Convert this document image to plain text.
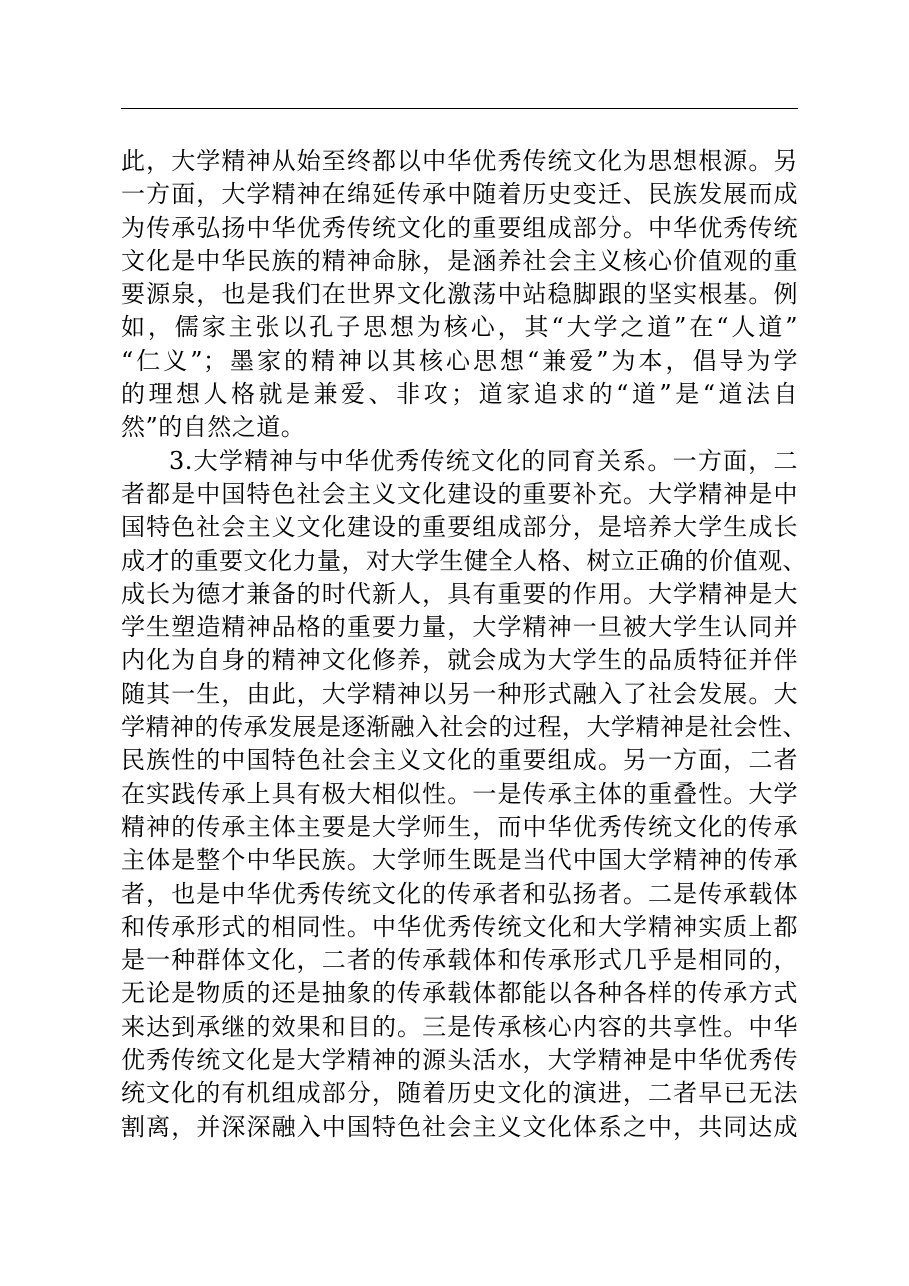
此，大学精神从始至终都以中华优秀传统文化为思想根源。另
一方面，大学精神在绵延传承中随着历史变迁、民族发展而成
为传承弘扬中华优秀传统文化的重要组成部分。中华优秀传统
文化是中华民族的精神命脉，是涵养社会主义核心价值观的重
要源泉，也是我们在世界文化激荡中站稳脚跟的坚实根基。例
如，儒家主张以孔子思想为核心，其“大学之道”在“人道”
“仁义”；墨家的精神以其核心思想“兼爱”为本，倡导为学
的理想人格就是兼爱、非攻；道家追求的“道”是“道法自
然”的自然之道。
3.大学精神与中华优秀传统文化的同育关系。一方面，二
者都是中国特色社会主义文化建设的重要补充。大学精神是中
国特色社会主义文化建设的重要组成部分，是培养大学生成长
成才的重要文化力量，对大学生健全人格、树立正确的价值观、
成长为德才兼备的时代新人，具有重要的作用。大学精神是大
学生塑造精神品格的重要力量，大学精神一旦被大学生认同并
内化为自身的精神文化修养，就会成为大学生的品质特征并伴
随其一生，由此，大学精神以另一种形式融入了社会发展。大
学精神的传承发展是逐渐融入社会的过程，大学精神是社会性、
民族性的中国特色社会主义文化的重要组成。另一方面，二者
在实践传承上具有极大相似性。一是传承主体的重叠性。大学
精神的传承主体主要是大学师生，而中华优秀传统文化的传承
主体是整个中华民族。大学师生既是当代中国大学精神的传承
者，也是中华优秀传统文化的传承者和弘扬者。二是传承载体
和传承形式的相同性。中华优秀传统文化和大学精神实质上都
是一种群体文化，二者的传承载体和传承形式几乎是相同的，
无论是物质的还是抽象的传承载体都能以各种各样的传承方式
来达到承继的效果和目的。三是传承核心内容的共享性。中华
优秀传统文化是大学精神的源头活水，大学精神是中华优秀传
统文化的有机组成部分，随着历史文化的演进，二者早已无法
割离，并深深融入中国特色社会主义文化体系之中，共同达成
